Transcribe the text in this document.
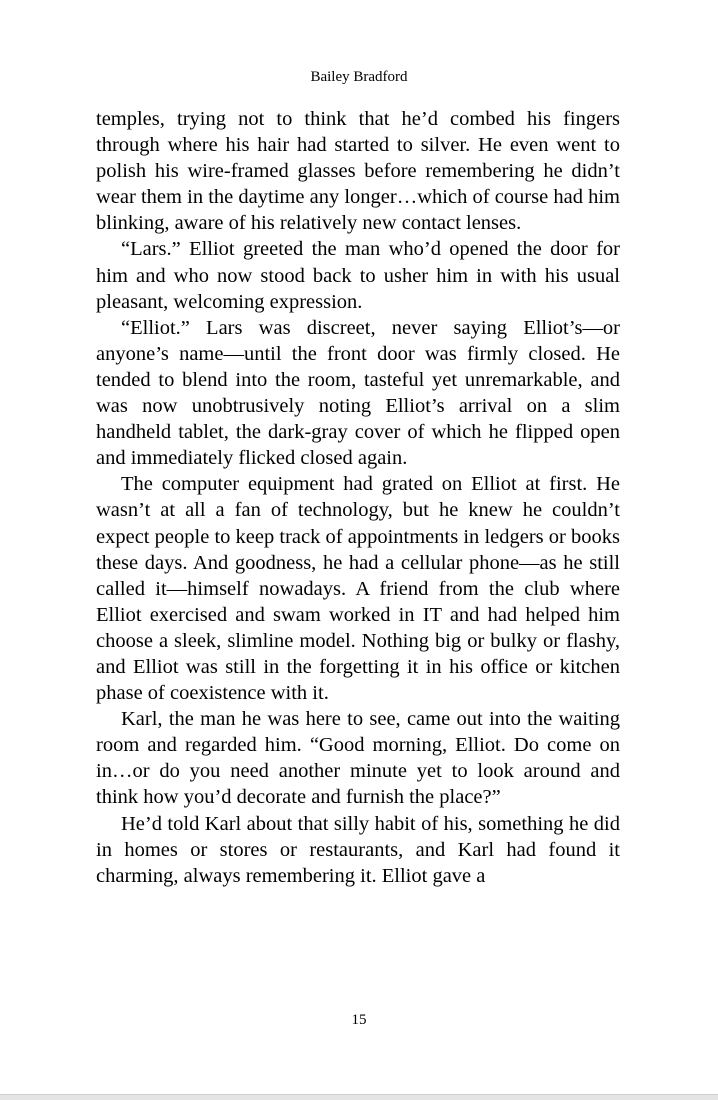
Bailey Bradford

temples, trying not to think that he’d combed his fingers through where his hair had started to silver. He even went to polish his wire-framed glasses before remembering he didn’t wear them in the daytime any longer…which of course had him blinking, aware of his relatively new contact lenses.

“Lars.” Elliot greeted the man who’d opened the door for him and who now stood back to usher him in with his usual pleasant, welcoming expression.

“Elliot.” Lars was discreet, never saying Elliot’s—or anyone’s name—until the front door was firmly closed. He tended to blend into the room, tasteful yet unremarkable, and was now unobtrusively noting Elliot’s arrival on a slim handheld tablet, the dark-gray cover of which he flipped open and immediately flicked closed again.

The computer equipment had grated on Elliot at first. He wasn’t at all a fan of technology, but he knew he couldn’t expect people to keep track of appointments in ledgers or books these days. And goodness, he had a cellular phone—as he still called it—himself nowadays. A friend from the club where Elliot exercised and swam worked in IT and had helped him choose a sleek, slimline model. Nothing big or bulky or flashy, and Elliot was still in the forgetting it in his office or kitchen phase of coexistence with it.

Karl, the man he was here to see, came out into the waiting room and regarded him. “Good morning, Elliot. Do come on in…or do you need another minute yet to look around and think how you’d decorate and furnish the place?”

He’d told Karl about that silly habit of his, something he did in homes or stores or restaurants, and Karl had found it charming, always remembering it. Elliot gave a

15
